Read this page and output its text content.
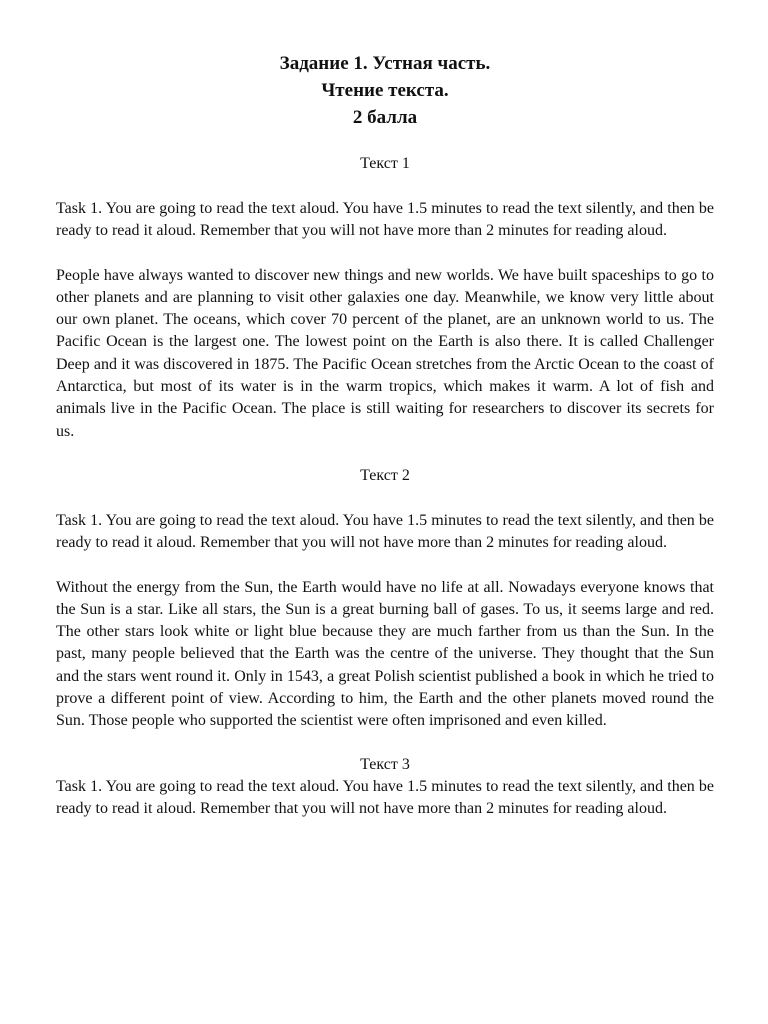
Задание 1. Устная часть.

Чтение текста.

2 балла

Текст 1

Task 1. You are going to read the text aloud. You have 1.5 minutes to read the text silently, and then be ready to read it aloud. Remember that you will not have more than 2 minutes for reading aloud.

People have always wanted to discover new things and new worlds. We have built spaceships to go to other planets and are planning to visit other galaxies one day. Meanwhile, we know very little about our own planet. The oceans, which cover 70 percent of the planet, are an unknown world to us. The Pacific Ocean is the largest one. The lowest point on the Earth is also there. It is called Challenger Deep and it was discovered in 1875. The Pacific Ocean stretches from the Arctic Ocean to the coast of Antarctica, but most of its water is in the warm tropics, which makes it warm. A lot of fish and animals live in the Pacific Ocean. The place is still waiting for researchers to discover its secrets for us.

Текст 2

Task 1. You are going to read the text aloud. You have 1.5 minutes to read the text silently, and then be ready to read it aloud. Remember that you will not have more than 2 minutes for reading aloud.

Without the energy from the Sun, the Earth would have no life at all. Nowadays everyone knows that the Sun is a star. Like all stars, the Sun is a great burning ball of gases. To us, it seems large and red. The other stars look white or light blue because they are much farther from us than the Sun. In the past, many people believed that the Earth was the centre of the universe. They thought that the Sun and the stars went round it. Only in 1543, a great Polish scientist published a book in which he tried to prove a different point of view. According to him, the Earth and the other planets moved round the Sun. Those people who supported the scientist were often imprisoned and even killed.

Текст 3

Task 1. You are going to read the text aloud. You have 1.5 minutes to read the text silently, and then be ready to read it aloud. Remember that you will not have more than 2 minutes for reading aloud.
